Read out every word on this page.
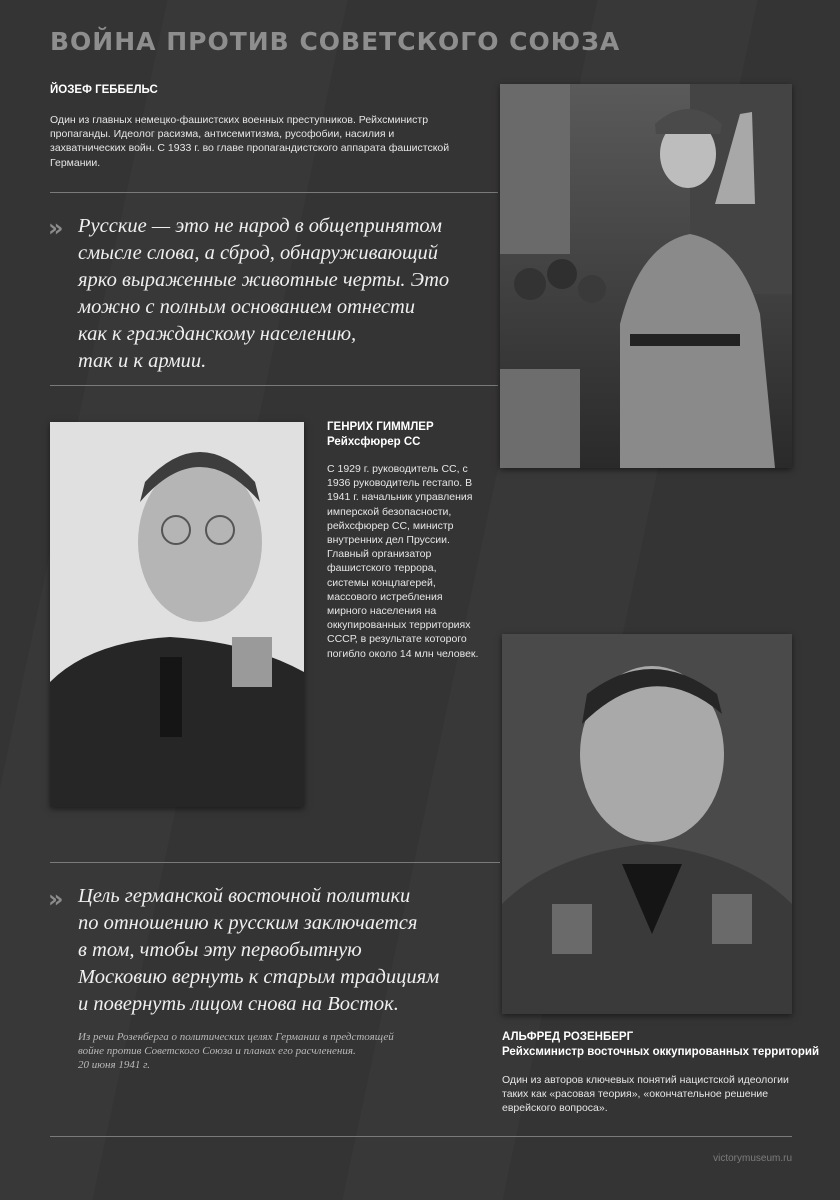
ВОЙНА ПРОТИВ СОВЕТСКОГО СОЮЗА
ЙОЗЕФ ГЕББЕЛЬС
Один из главных немецко-фашистских военных преступников. Рейхсминистр пропаганды. Идеолог расизма, антисемитизма, русофобии, насилия и захватнических войн. С 1933 г. во главе пропагандистского аппарата фашистской Германии.
» Русские — это не народ в общепринятом
смысле слова, а сброд, обнаруживающий
ярко выраженные животные черты. Это
можно с полным основанием отнести
как к гражданскому населению,
так и к армии.
ГЕНРИХ ГИММЛЕР
Рейхсфюрер СС
С 1929 г. руководитель СС, с 1936 руководитель гестапо. В 1941 г. начальник управления имперской безопасности, рейхсфюрер СС, министр внутренних дел Пруссии. Главный организатор фашистского террора, системы концлагерей, массового истребления мирного населения на оккупированных территориях СССР, в результате которого погибло около 14 млн человек.
» Цель германской восточной политики
по отношению к русским заключается
в том, чтобы эту первобытную
Московию вернуть к старым традициям
и повернуть лицом снова на Восток.
Из речи Розенберга о политических целях Германии в предстоящей
войне против Советского Союза и планах его расчленения.
20 июня 1941 г.
АЛЬФРЕД РОЗЕНБЕРГ
Рейхсминистр восточных оккупированных территорий
Один из авторов ключевых понятий нацистской идеологии таких как «расовая теория», «окончательное решение еврейского вопроса».
victorymuseum.ru
